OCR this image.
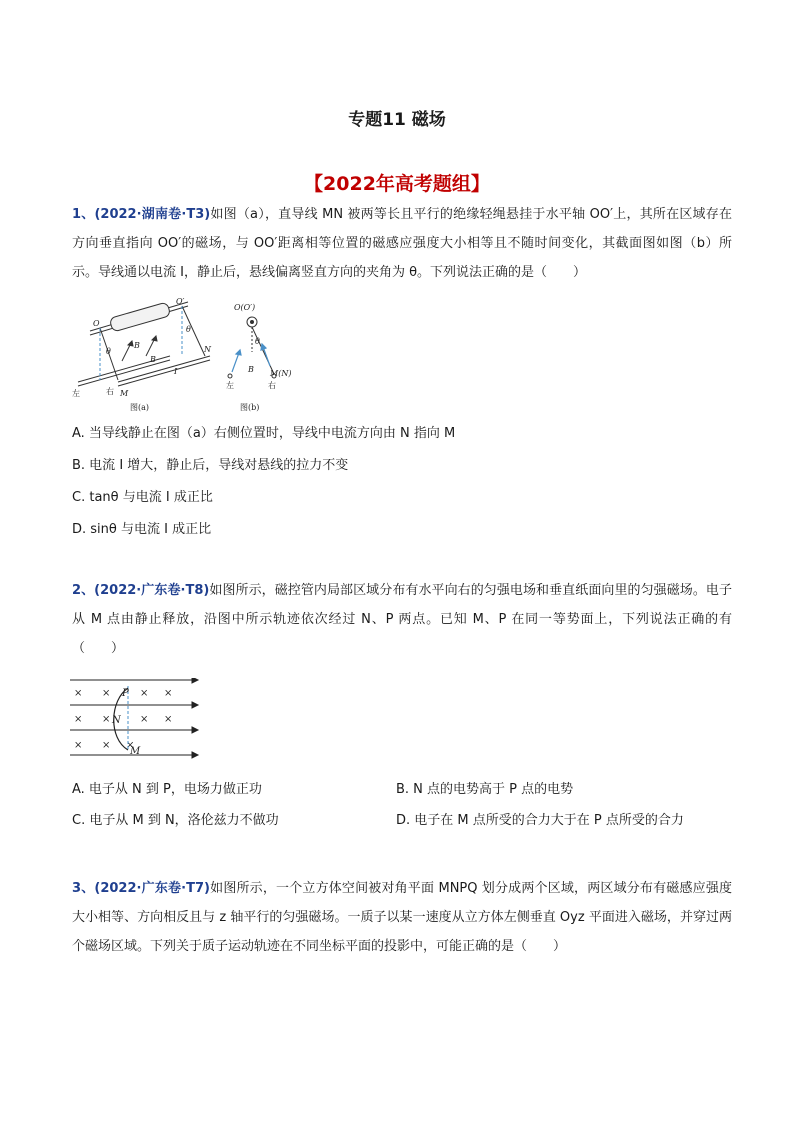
专题11 磁场
【2022年高考题组】
1、(2022·湖南卷·T3)如图（a），直导线 MN 被两等长且平行的绝缘轻绳悬挂于水平轴 OO′上，其所在区域存在方向垂直指向 OO′的磁场，与 OO′距离相等位置的磁感应强度大小相等且不随时间变化，其截面图如图（b）所示。导线通以电流 I，静止后，悬线偏离竖直方向的夹角为 θ。下列说法正确的是（　　）
O
O′
B
B
θ
θ
I
N
M
左	右
图(a)
O(O′)
θ
B
左	右
M(N)
图(b)
A. 当导线静止在图（a）右侧位置时，导线中电流方向由 N 指向 M
B. 电流 I 增大，静止后，导线对悬线的拉力不变
C. tanθ 与电流 I 成正比
D. sinθ 与电流 I 成正比
2、(2022·广东卷·T8)如图所示，磁控管内局部区域分布有水平向右的匀强电场和垂直纸面向里的匀强磁场。电子从 M 点由静止释放，沿图中所示轨迹依次经过 N、P 两点。已知 M、P 在同一等势面上，下列说法正确的有（　　）
× ×	× ×
× ×	× ×
× × ×
P
N
M
A. 电子从 N 到 P，电场力做正功	B. N 点的电势高于 P 点的电势
C. 电子从 M 到 N，洛伦兹力不做功	D. 电子在 M 点所受的合力大于在 P 点所受的合力
3、(2022·广东卷·T7)如图所示，一个立方体空间被对角平面 MNPQ 划分成两个区域，两区域分布有磁感应强度大小相等、方向相反且与 z 轴平行的匀强磁场。一质子以某一速度从立方体左侧垂直 Oyz 平面进入磁场，并穿过两个磁场区域。下列关于质子运动轨迹在不同坐标平面的投影中，可能正确的是（　　）
